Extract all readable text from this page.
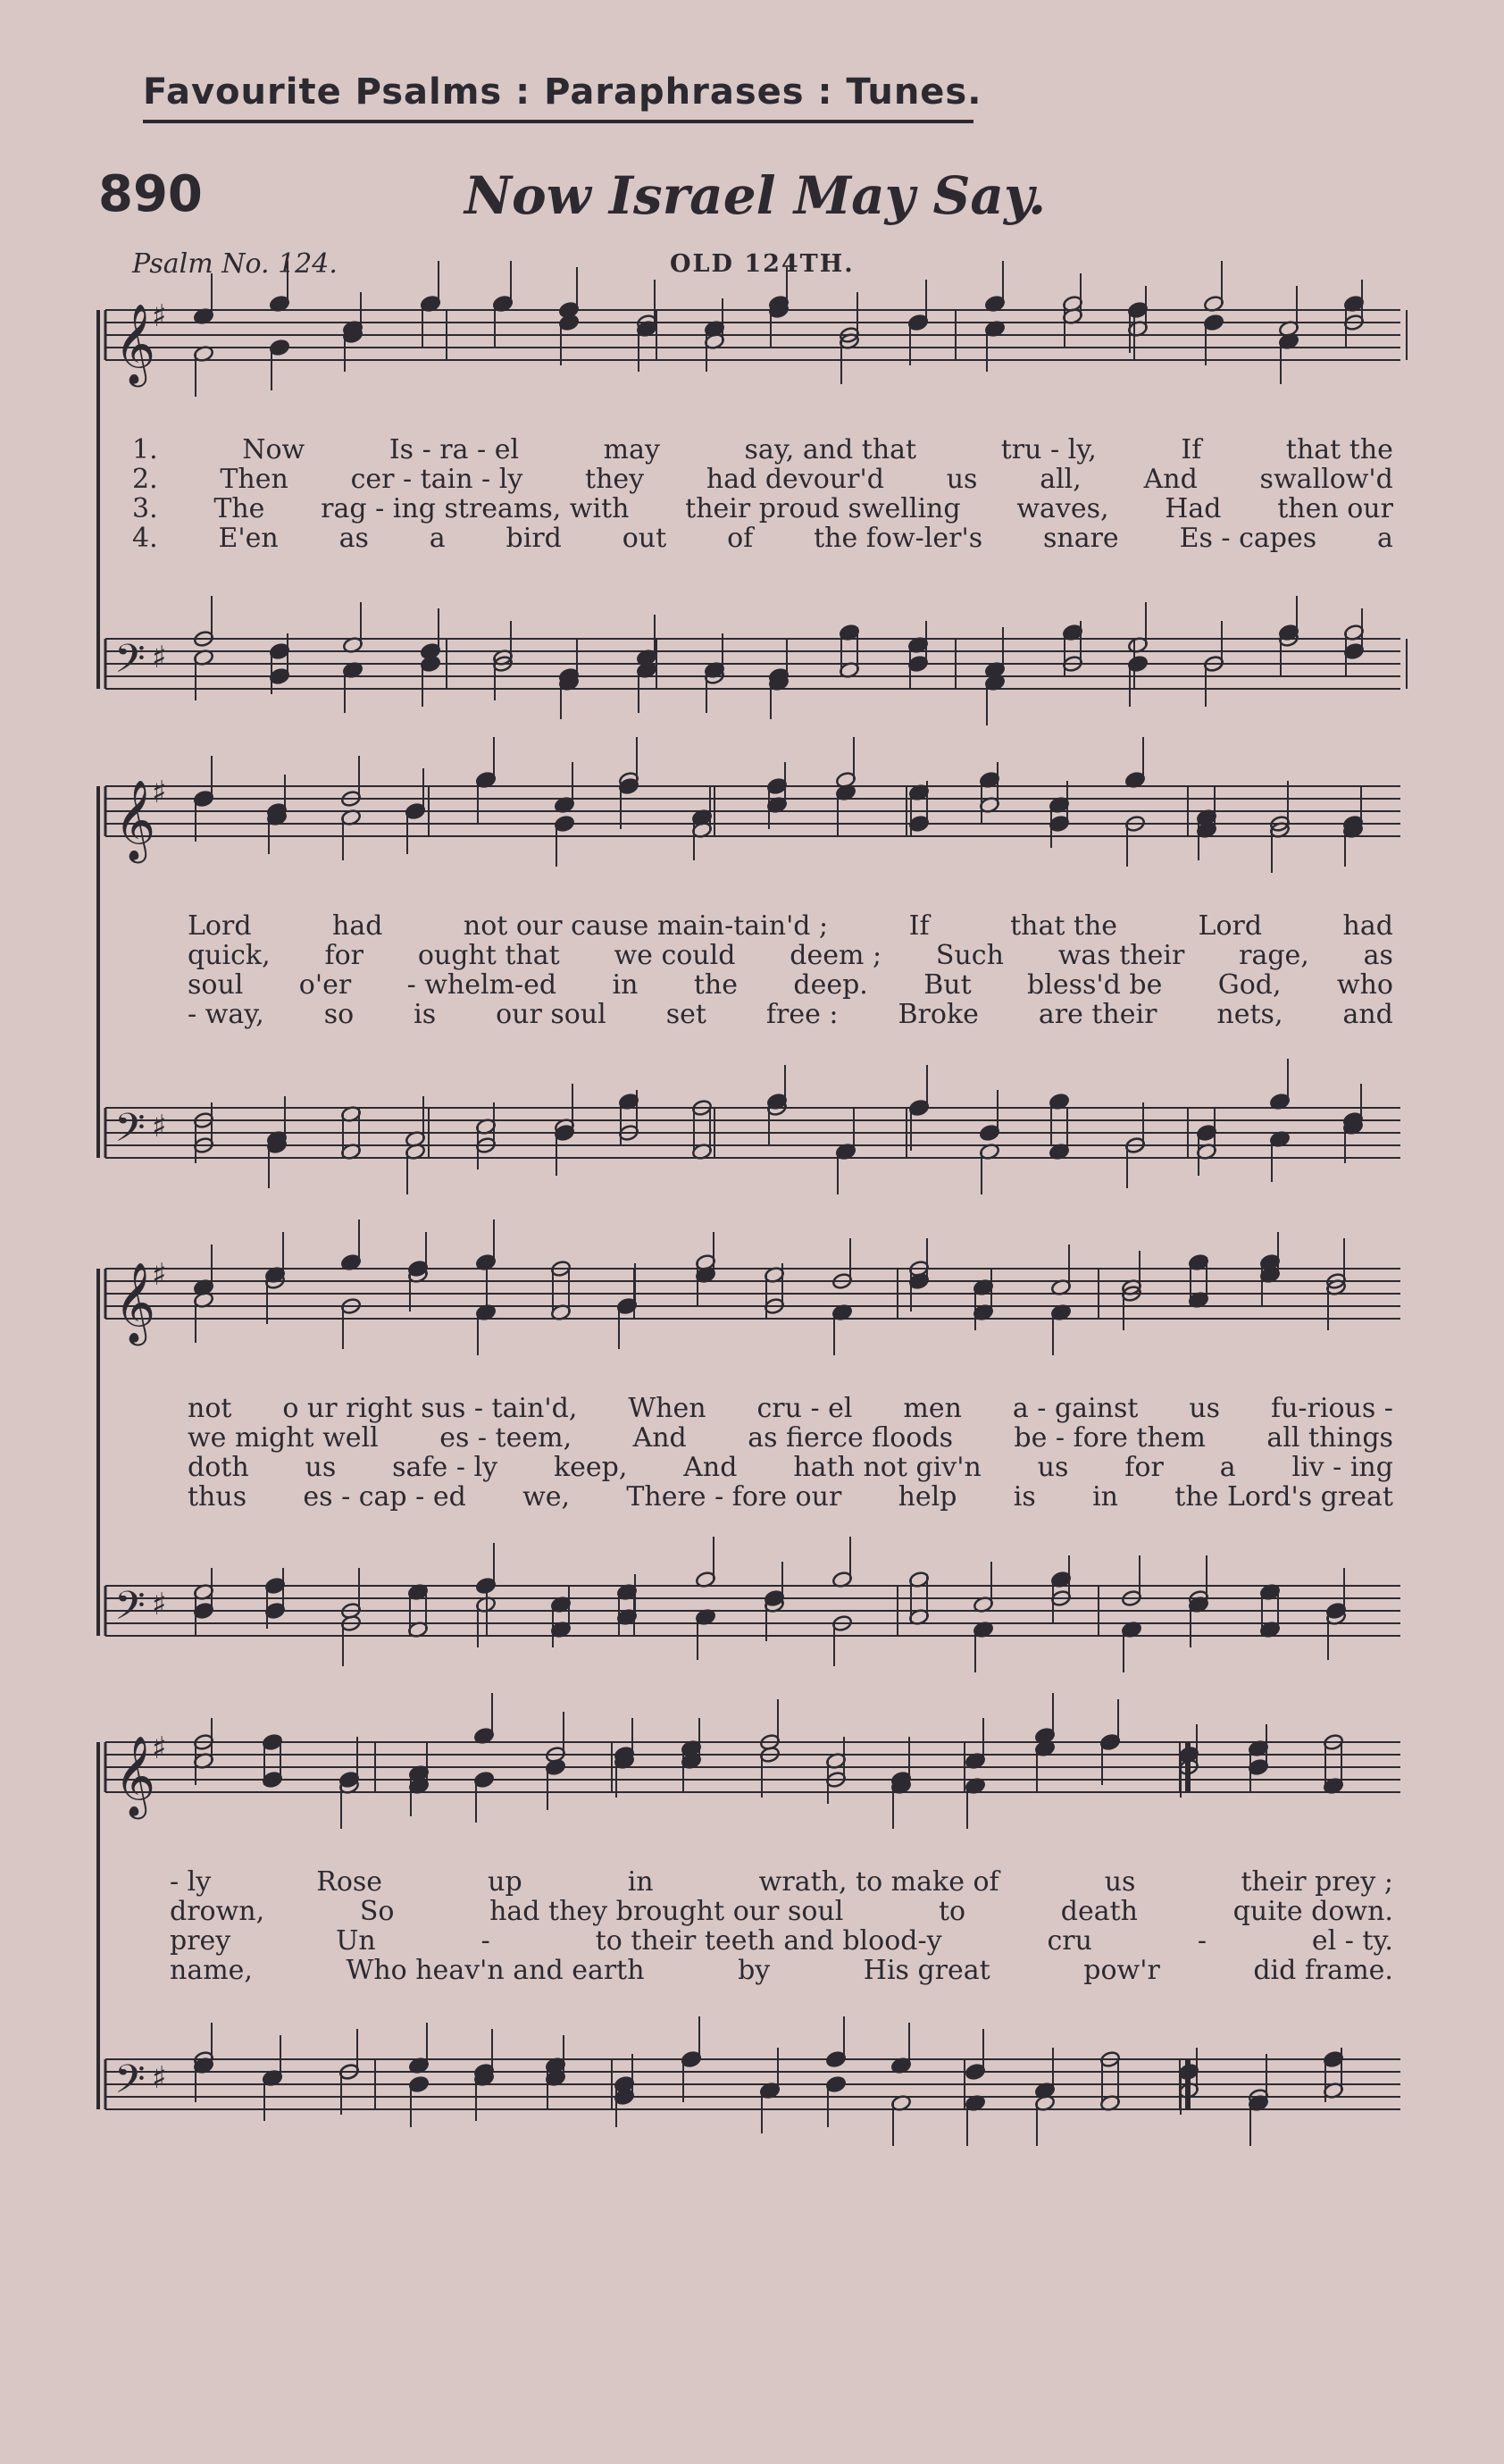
Favourite Psalms : Paraphrases : Tunes.
890	Now Israel May Say.
Psalm No. 124.	OLD 124TH.
𝄞
♯
𝄢 ♯
𝄞
♯
𝄢 ♯
𝄞
♯
𝄢 ♯
𝄞
♯
𝄢 ♯
1.	Now	Is - ra - el	may	say, and that	tru - ly,	If	that the
2. Then cer - tain - ly they had devour'd us all, And swallow'd
3. The rag - ing streams, with their proud swelling waves, Had then our
4. E'en as a bird out of the fow-ler's snare Es - capes a
Lord	had	not our cause main-tain'd ;	If	that the	Lord	had
quick, for ought that we could deem ; Such was their rage, as
soul o'er - whelm-ed in the deep. But bless'd be God, who
- way, so is our soul set free : Broke are their nets, and
not o ur right sus - tain'd, When cru - el men a - gainst us fu-rious -
we might well es - teem, And as fierce floods be - fore them all things
doth us safe - ly keep, And hath not giv'n us for a liv - ing
thus es - cap - ed we, There - fore our help is in the Lord's great
- ly	Rose	up	in	wrath, to make of	us	their prey ;
drown,	So	had they brought our soul	to	death	quite down.
prey	Un	-	to their teeth and blood-y	cru	-	el - ty.
name,	Who heav'n and earth	by	His great	pow'r	did frame.
